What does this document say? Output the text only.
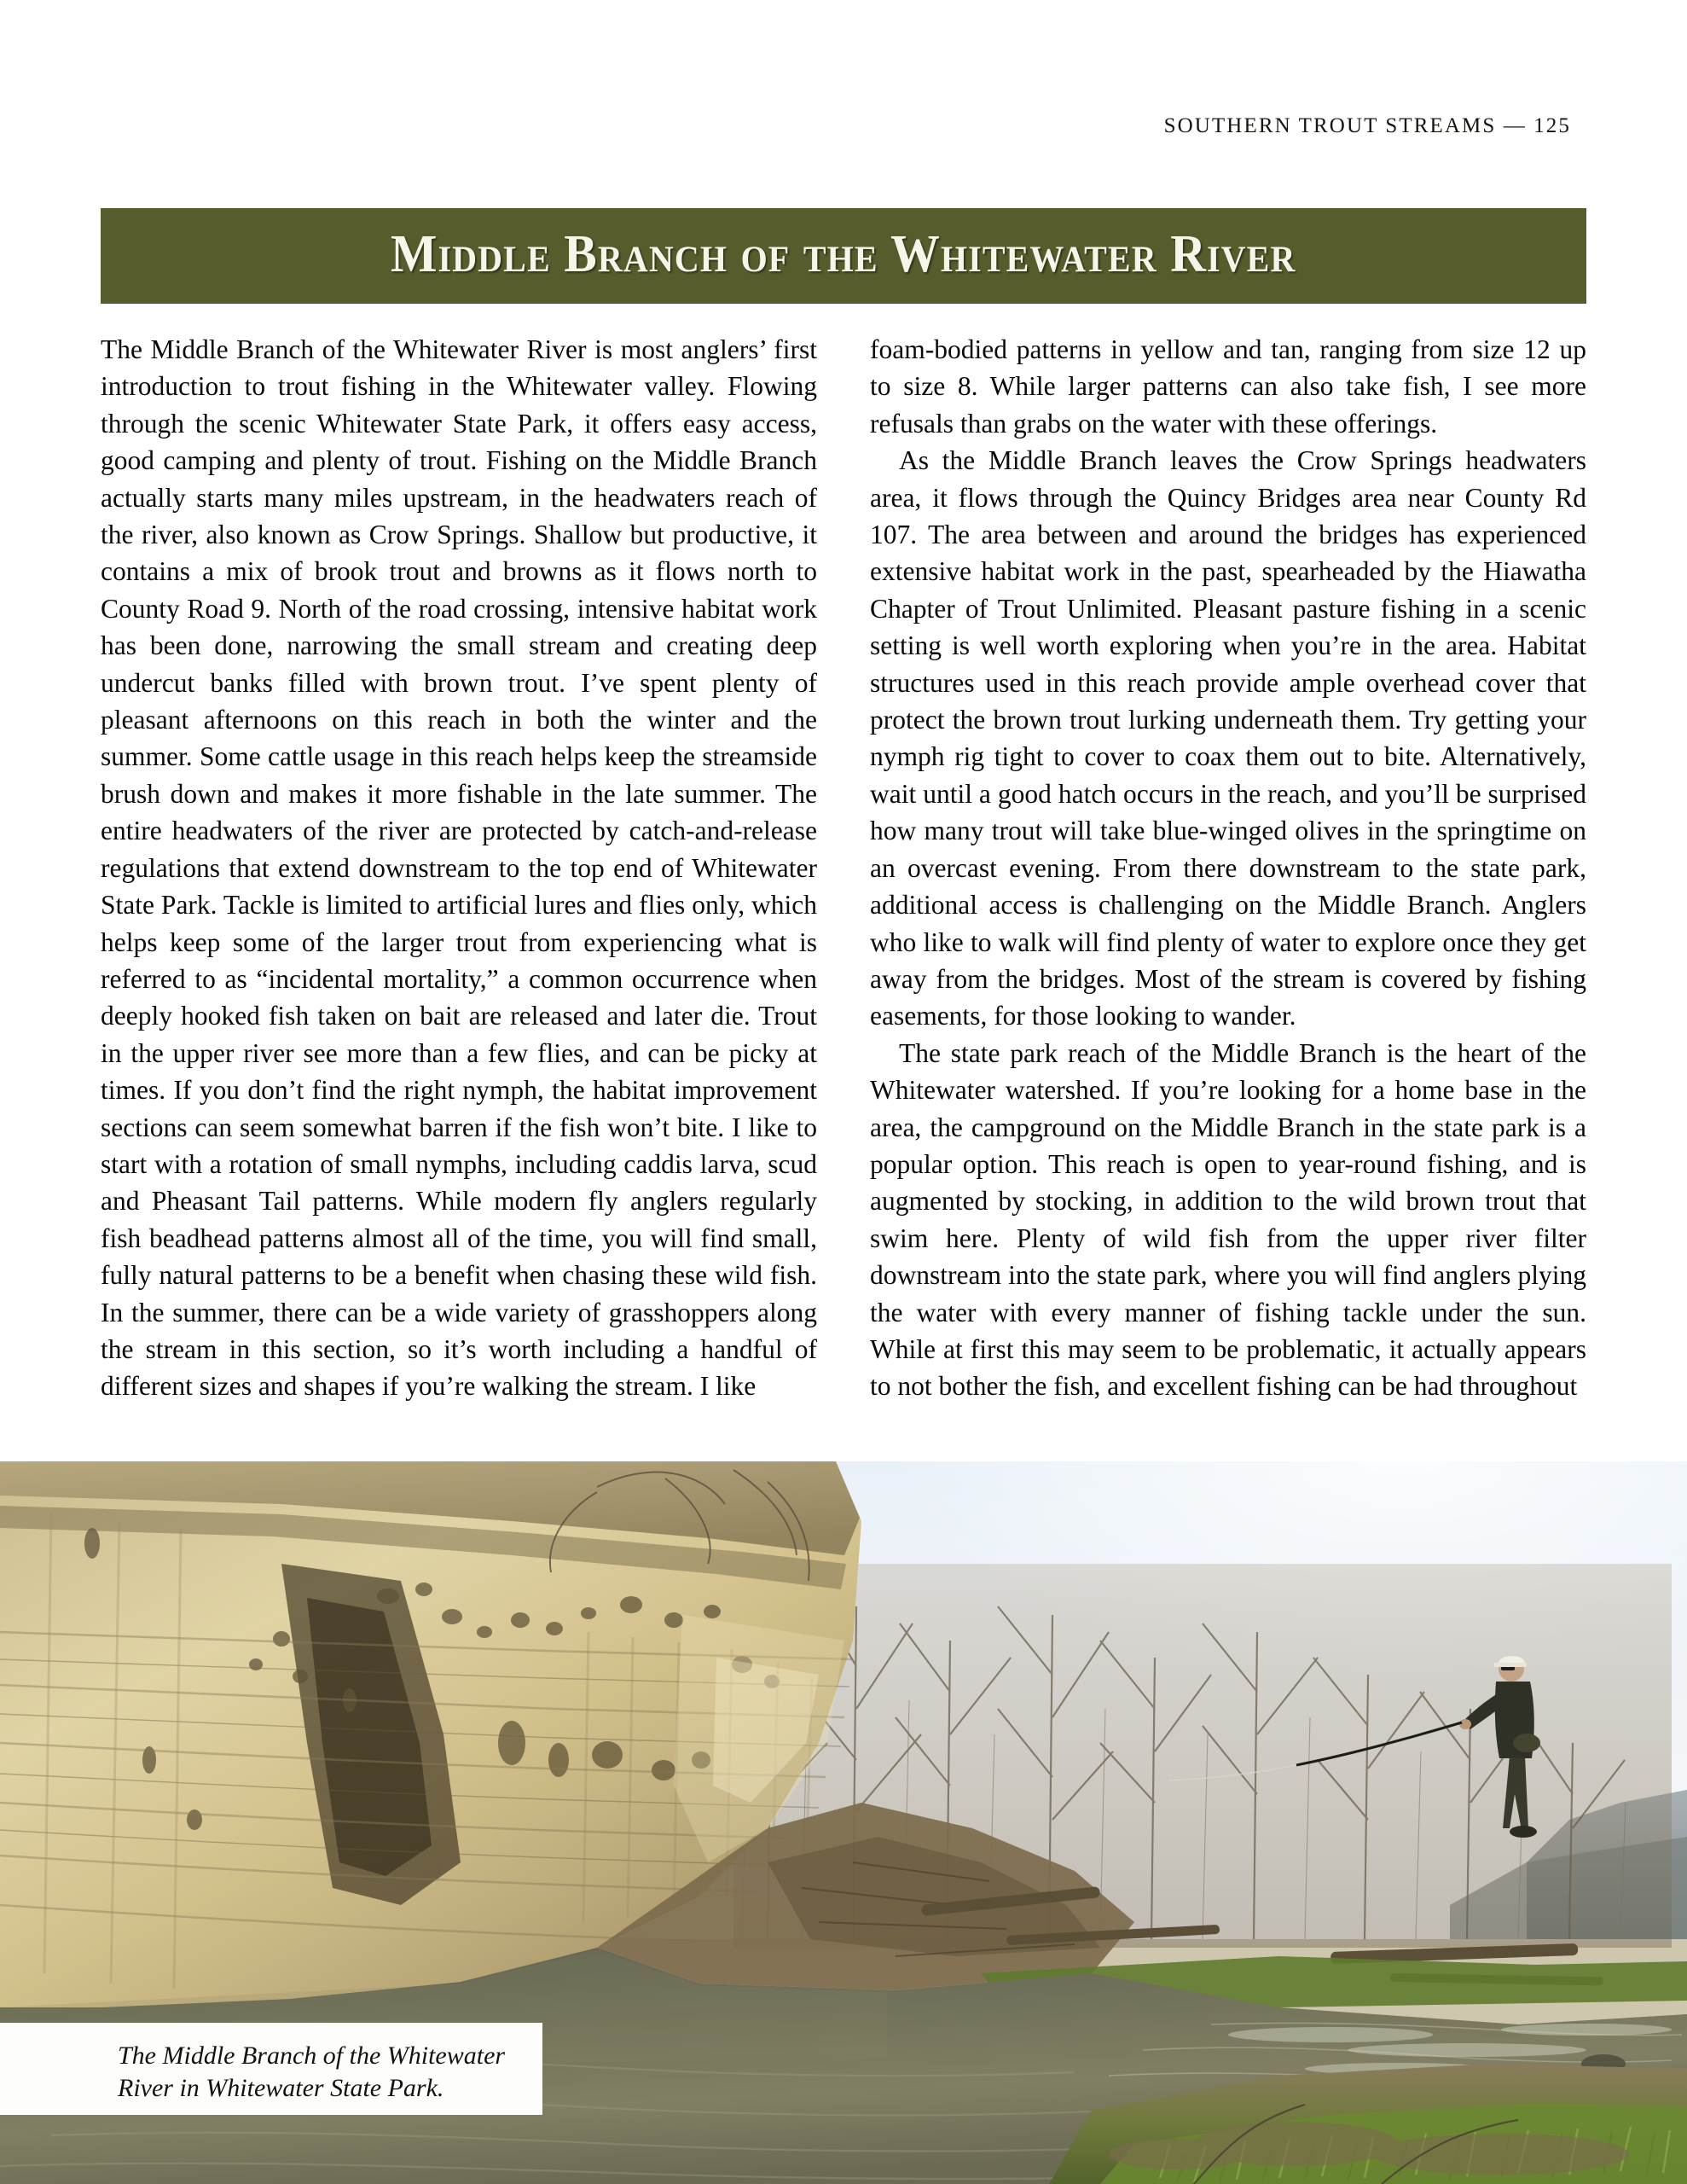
SOUTHERN TROUT STREAMS — 125
Middle Branch of the Whitewater River

The Middle Branch of the Whitewater River is most anglers’ first introduction to trout fishing in the Whitewater valley. Flowing through the scenic Whitewater State Park, it offers easy access, good camping and plenty of trout. Fishing on the Middle Branch actually starts many miles upstream, in the headwaters reach of the river, also known as Crow Springs. Shallow but productive, it contains a mix of brook trout and browns as it flows north to County Road 9. North of the road crossing, intensive habitat work has been done, narrowing the small stream and creating deep undercut banks filled with brown trout. I’ve spent plenty of pleasant afternoons on this reach in both the winter and the summer. Some cattle usage in this reach helps keep the streamside brush down and makes it more fishable in the late summer. The entire headwaters of the river are protected by catch-and-release regulations that extend downstream to the top end of Whitewater State Park. Tackle is limited to artificial lures and flies only, which helps keep some of the larger trout from experiencing what is referred to as “incidental mortality,” a common occurrence when deeply hooked fish taken on bait are released and later die. Trout in the upper river see more than a few flies, and can be picky at times. If you don’t find the right nymph, the habitat improvement sections can seem somewhat barren if the fish won’t bite. I like to start with a rotation of small nymphs, including caddis larva, scud and Pheasant Tail patterns. While modern fly anglers regularly fish beadhead patterns almost all of the time, you will find small, fully natural patterns to be a benefit when chasing these wild fish. In the summer, there can be a wide variety of grasshoppers along the stream in this section, so it’s worth including a handful of different sizes and shapes if you’re walking the stream. I like

foam-bodied patterns in yellow and tan, ranging from size 12 up to size 8. While larger patterns can also take fish, I see more refusals than grabs on the water with these offerings.

As the Middle Branch leaves the Crow Springs headwaters area, it flows through the Quincy Bridges area near County Rd 107. The area between and around the bridges has experienced extensive habitat work in the past, spearheaded by the Hiawatha Chapter of Trout Unlimited. Pleasant pasture fishing in a scenic setting is well worth exploring when you’re in the area. Habitat structures used in this reach provide ample overhead cover that protect the brown trout lurking underneath them. Try getting your nymph rig tight to cover to coax them out to bite. Alternatively, wait until a good hatch occurs in the reach, and you’ll be surprised how many trout will take blue-winged olives in the springtime on an overcast evening. From there downstream to the state park, additional access is challenging on the Middle Branch. Anglers who like to walk will find plenty of water to explore once they get away from the bridges. Most of the stream is covered by fishing easements, for those looking to wander.

The state park reach of the Middle Branch is the heart of the Whitewater watershed. If you’re looking for a home base in the area, the campground on the Middle Branch in the state park is a popular option. This reach is open to year-round fishing, and is augmented by stocking, in addition to the wild brown trout that swim here. Plenty of wild fish from the upper river filter downstream into the state park, where you will find anglers plying the water with every manner of fishing tackle under the sun. While at first this may seem to be problematic, it actually appears to not bother the fish, and excellent fishing can be had throughout

The Middle Branch of the Whitewater River in Whitewater State Park.
